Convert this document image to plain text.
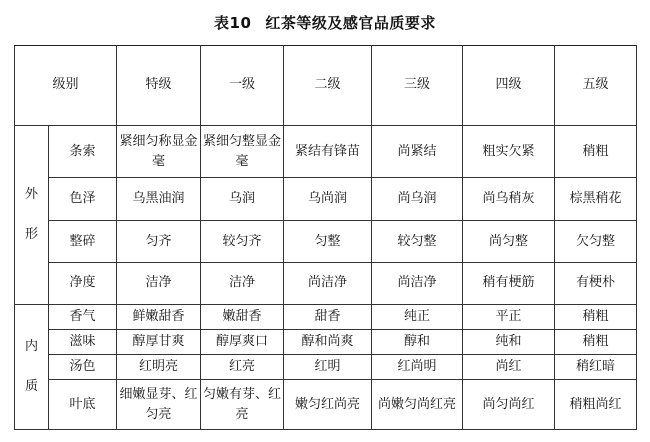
表10 红茶等级及感官品质要求
级别		特级	一级	二级	三级	四级	五级
外

形	条索	紧细匀称显金毫	紧细匀整显金毫	紧结有锋苗	尚紧结	粗实欠紧	稍粗
	色泽	乌黑油润	乌润	乌尚润	尚乌润	尚乌稍灰	棕黑稍花
	整碎	匀齐	较匀齐	匀整	较匀整	尚匀整	欠匀整
	净度	洁净	洁净	尚洁净	尚洁净	稍有梗筋	有梗朴
内

质	香气	鲜嫩甜香	嫩甜香	甜香	纯正	平正	稍粗
	滋味	醇厚甘爽	醇厚爽口	醇和尚爽	醇和	纯和	稍粗
	汤色	红明亮	红亮	红明	红尚明	尚红	稍红暗
	叶底	细嫩显芽、红匀亮	匀嫩有芽、红亮	嫩匀红尚亮	尚嫩匀尚红亮	尚匀尚红	稍粗尚红
